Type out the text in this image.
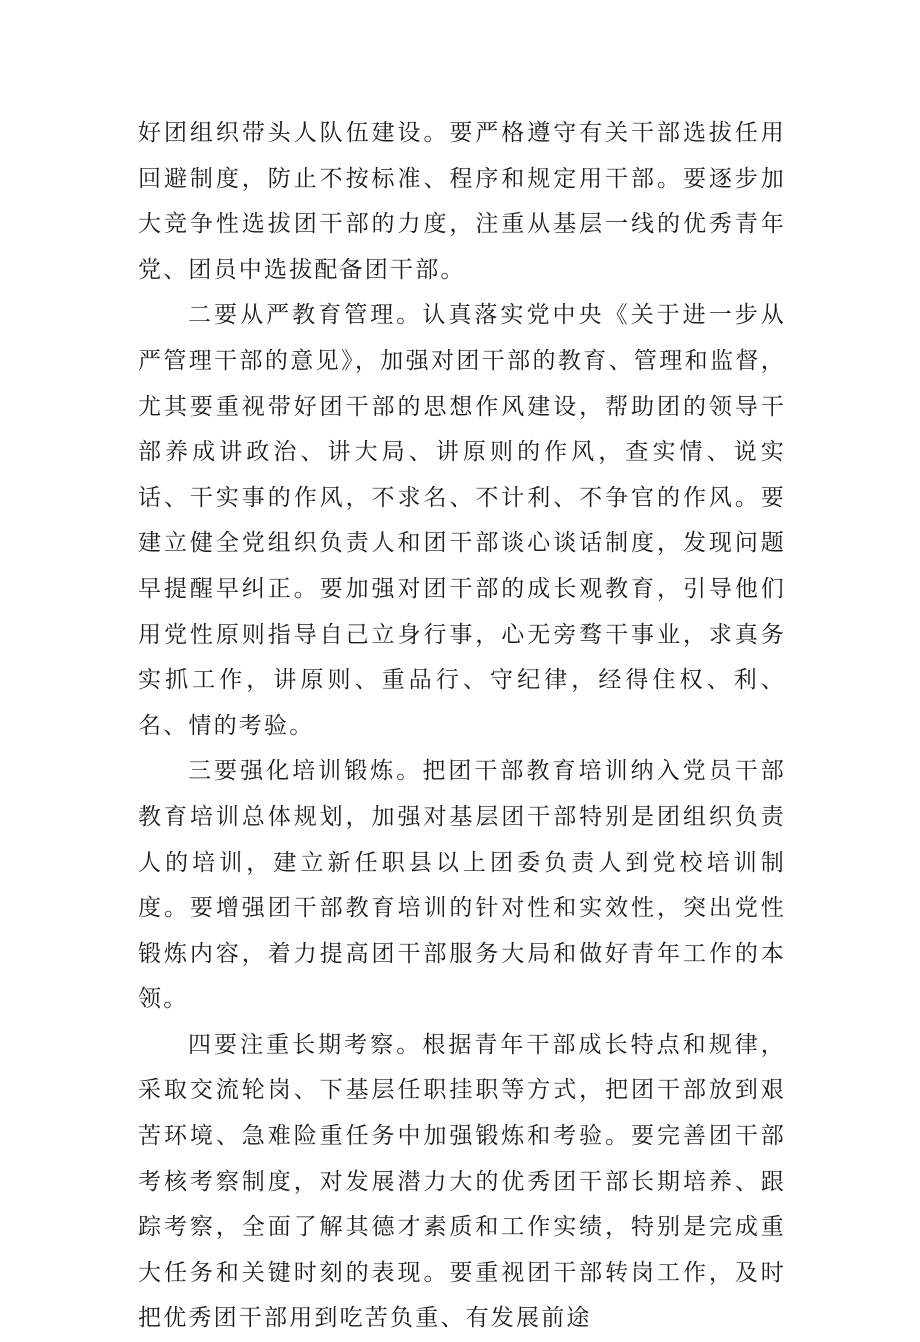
好团组织带头人队伍建设。要严格遵守有关干部选拔任用回避制度，防止不按标准、程序和规定用干部。要逐步加大竞争性选拔团干部的力度，注重从基层一线的优秀青年党、团员中选拔配备团干部。

二要从严教育管理。认真落实党中央《关于进一步从严管理干部的意见》，加强对团干部的教育、管理和监督，尤其要重视带好团干部的思想作风建设，帮助团的领导干部养成讲政治、讲大局、讲原则的作风，查实情、说实话、干实事的作风，不求名、不计利、不争官的作风。要建立健全党组织负责人和团干部谈心谈话制度，发现问题早提醒早纠正。要加强对团干部的成长观教育，引导他们用党性原则指导自己立身行事，心无旁骛干事业，求真务实抓工作，讲原则、重品行、守纪律，经得住权、利、名、情的考验。

三要强化培训锻炼。把团干部教育培训纳入党员干部教育培训总体规划，加强对基层团干部特别是团组织负责人的培训，建立新任职县以上团委负责人到党校培训制度。要增强团干部教育培训的针对性和实效性，突出党性锻炼内容，着力提高团干部服务大局和做好青年工作的本领。

四要注重长期考察。根据青年干部成长特点和规律，采取交流轮岗、下基层任职挂职等方式，把团干部放到艰苦环境、急难险重任务中加强锻炼和考验。要完善团干部考核考察制度，对发展潜力大的优秀团干部长期培养、跟踪考察，全面了解其德才素质和工作实绩，特别是完成重大任务和关键时刻的表现。要重视团干部转岗工作，及时把优秀团干部用到吃苦负重、有发展前途
